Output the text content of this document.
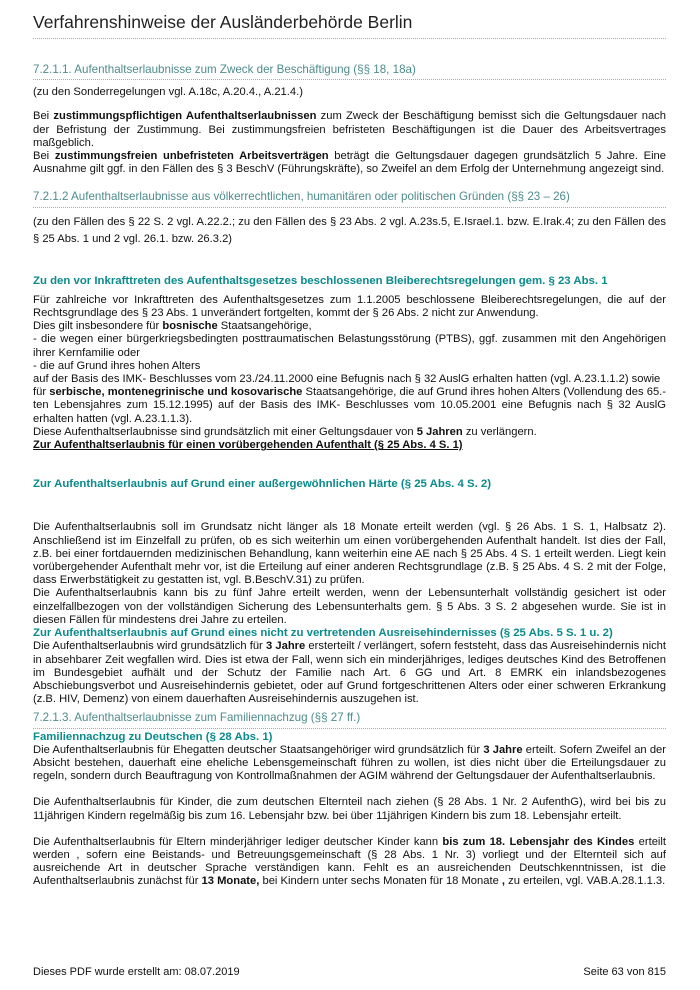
Verfahrenshinweise der Ausländerbehörde Berlin
7.2.1.1. Aufenthaltserlaubnisse zum Zweck der Beschäftigung (§§ 18, 18a)

(zu den Sonderregelungen vgl. A.18c, A.20.4., A.21.4.)

Bei zustimmungspflichtigen Aufenthaltserlaubnissen zum Zweck der Beschäftigung bemisst sich die Geltungsdauer nach der Befristung der Zustimmung. Bei zustimmungsfreien befristeten Beschäftigungen ist die Dauer des Arbeitsvertrages maßgeblich.

Bei zustimmungsfreien unbefristeten Arbeitsverträgen beträgt die Geltungsdauer dagegen grundsätzlich 5 Jahre. Eine Ausnahme gilt ggf. in den Fällen des § 3 BeschV (Führungskräfte), so Zweifel an dem Erfolg der Unternehmung angezeigt sind.

7.2.1.2 Aufenthaltserlaubnisse aus völkerrechtlichen, humanitären oder politischen Gründen (§§ 23 – 26)

(zu den Fällen des § 22 S. 2 vgl. A.22.2.; zu den Fällen des § 23 Abs. 2 vgl. A.23s.5, E.Israel.1. bzw. E.Irak.4; zu den Fällen des § 25 Abs. 1 und 2 vgl. 26.1. bzw. 26.3.2)

Zu den vor Inkrafttreten des Aufenthaltsgesetzes beschlossenen Bleiberechtsregelungen gem. § 23 Abs. 1

Für zahlreiche vor Inkrafttreten des Aufenthaltsgesetzes zum 1.1.2005 beschlossene Bleiberechtsregelungen, die auf der Rechtsgrundlage des § 23 Abs. 1 unverändert fortgelten, kommt der § 26 Abs. 2 nicht zur Anwendung.

Dies gilt insbesondere für bosnische Staatsangehörige,

- die wegen einer bürgerkriegsbedingten posttraumatischen Belastungsstörung (PTBS), ggf. zusammen mit den Angehörigen ihrer Kernfamilie oder

- die auf Grund ihres hohen Alters

auf der Basis des IMK- Beschlusses vom 23./24.11.2000 eine Befugnis nach § 32 AuslG erhalten hatten (vgl. A.23.1.1.2) sowie

für serbische, montenegrinische und kosovarische Staatsangehörige, die auf Grund ihres hohen Alters (Vollendung des 65.-ten Lebensjahres zum 15.12.1995) auf der Basis des IMK- Beschlusses vom 10.05.2001 eine Befugnis nach § 32 AuslG erhalten hatten (vgl. A.23.1.1.3).

Diese Aufenthaltserlaubnisse sind grundsätzlich mit einer Geltungsdauer von 5 Jahren zu verlängern.

Zur Aufenthaltserlaubnis für einen vorübergehenden Aufenthalt (§ 25 Abs. 4 S. 1)

Zur Aufenthaltserlaubnis auf Grund einer außergewöhnlichen Härte (§ 25 Abs. 4 S. 2)

Die Aufenthaltserlaubnis soll im Grundsatz nicht länger als 18 Monate erteilt werden (vgl. § 26 Abs. 1 S. 1, Halbsatz 2). Anschließend ist im Einzelfall zu prüfen, ob es sich weiterhin um einen vorübergehenden Aufenthalt handelt. Ist dies der Fall, z.B. bei einer fortdauernden medizinischen Behandlung, kann weiterhin eine AE nach § 25 Abs. 4 S. 1 erteilt werden. Liegt kein vorübergehender Aufenthalt mehr vor, ist die Erteilung auf einer anderen Rechtsgrundlage (z.B. § 25 Abs. 4 S. 2 mit der Folge, dass Erwerbstätigkeit zu gestatten ist, vgl. B.BeschV.31) zu prüfen.

Die Aufenthaltserlaubnis kann bis zu fünf Jahre erteilt werden, wenn der Lebensunterhalt vollständig gesichert ist oder einzelfallbezogen von der vollständigen Sicherung des Lebensunterhalts gem. § 5 Abs. 3 S. 2 abgesehen wurde. Sie ist in diesen Fällen für mindestens drei Jahre zu erteilen.

Zur Aufenthaltserlaubnis auf Grund eines nicht zu vertretenden Ausreisehindernisses (§ 25 Abs. 5 S. 1 u. 2)

Die Aufenthaltserlaubnis wird grundsätzlich für 3 Jahre ersterteilt / verlängert, sofern feststeht, dass das Ausreisehindernis nicht in absehbarer Zeit wegfallen wird. Dies ist etwa der Fall, wenn sich ein minderjähriges, lediges deutsches Kind des Betroffenen im Bundesgebiet aufhält und der Schutz der Familie nach Art. 6 GG und Art. 8 EMRK ein inlandsbezogenes Abschiebungsverbot und Ausreisehindernis gebietet, oder auf Grund fortgeschrittenen Alters oder einer schweren Erkrankung (z.B. HIV, Demenz) von einem dauerhaften Ausreisehindernis auszugehen ist.

7.2.1.3. Aufenthaltserlaubnisse zum Familiennachzug (§§ 27 ff.)
Familiennachzug zu Deutschen (§ 28 Abs. 1)

Die Aufenthaltserlaubnis für Ehegatten deutscher Staatsangehöriger wird grundsätzlich für 3 Jahre erteilt. Sofern Zweifel an der Absicht bestehen, dauerhaft eine eheliche Lebensgemeinschaft führen zu wollen, ist dies nicht über die Erteilungsdauer zu regeln, sondern durch Beauftragung von Kontrollmaßnahmen der AGIM während der Geltungsdauer der Aufenthaltserlaubnis.

Die Aufenthaltserlaubnis für Kinder, die zum deutschen Elternteil nach ziehen (§ 28 Abs. 1 Nr. 2 AufenthG), wird bei bis zu 11jährigen Kindern regelmäßig bis zum 16. Lebensjahr bzw. bei über 11jährigen Kindern bis zum 18. Lebensjahr erteilt.

Die Aufenthaltserlaubnis für Eltern minderjähriger lediger deutscher Kinder kann bis zum 18. Lebensjahr des Kindes erteilt werden , sofern eine Beistands- und Betreuungsgemeinschaft (§ 28 Abs. 1 Nr. 3) vorliegt und der Elternteil sich auf ausreichende Art in deutscher Sprache verständigen kann. Fehlt es an ausreichenden Deutschkenntnissen, ist die Aufenthaltserlaubnis zunächst für 13 Monate, bei Kindern unter sechs Monaten für 18 Monate , zu erteilen, vgl. VAB.A.28.1.1.3.

Dieses PDF wurde erstellt am: 08.07.2019	Seite 63 von 815
